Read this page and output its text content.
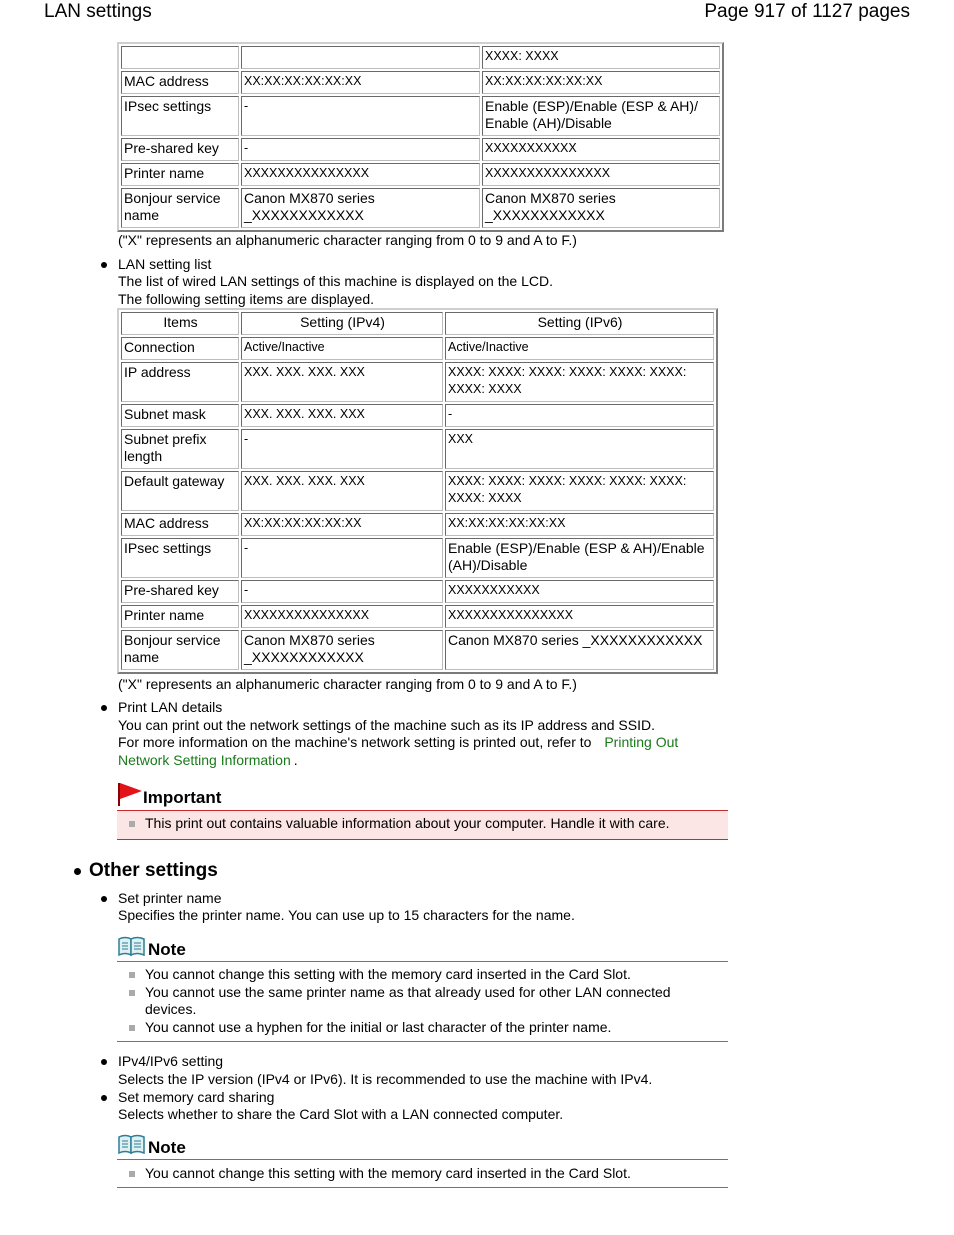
LAN settings	Page 917 of 1127 pages
		XXXX: XXXX
MAC address	XX:XX:XX:XX:XX:XX	XX:XX:XX:XX:XX:XX
IPsec settings	-	Enable (ESP)/Enable (ESP & AH)/ Enable (AH)/Disable
Pre-shared key	-	XXXXXXXXXXX
Printer name	XXXXXXXXXXXXXXX	XXXXXXXXXXXXXXX
Bonjour service name	Canon MX870 series _XXXXXXXXXXXX	Canon MX870 series _XXXXXXXXXXXX
("X" represents an alphanumeric character ranging from 0 to 9 and A to F.)
LAN setting list
The list of wired LAN settings of this machine is displayed on the LCD.
The following setting items are displayed.
Items	Setting (IPv4)	Setting (IPv6)
Connection	Active/Inactive	Active/Inactive
IP address	XXX. XXX. XXX. XXX	XXXX: XXXX: XXXX: XXXX: XXXX: XXXX: XXXX: XXXX
Subnet mask	XXX. XXX. XXX. XXX	-
Subnet prefix length	-	XXX
Default gateway	XXX. XXX. XXX. XXX	XXXX: XXXX: XXXX: XXXX: XXXX: XXXX: XXXX: XXXX
MAC address	XX:XX:XX:XX:XX:XX	XX:XX:XX:XX:XX:XX
IPsec settings	-	Enable (ESP)/Enable (ESP & AH)/Enable (AH)/Disable
Pre-shared key	-	XXXXXXXXXXX
Printer name	XXXXXXXXXXXXXXX	XXXXXXXXXXXXXXX
Bonjour service name	Canon MX870 series _XXXXXXXXXXXX	Canon MX870 series _XXXXXXXXXXXX
("X" represents an alphanumeric character ranging from 0 to 9 and A to F.)
Print LAN details
You can print out the network settings of the machine such as its IP address and SSID.
For more information on the machine's network setting is printed out, refer to Printing Out
Network Setting Information .
Important
This print out contains valuable information about your computer. Handle it with care.
Other settings
Set printer name
Specifies the printer name. You can use up to 15 characters for the name.
Note
You cannot change this setting with the memory card inserted in the Card Slot.
You cannot use the same printer name as that already used for other LAN connected
devices.
You cannot use a hyphen for the initial or last character of the printer name.
IPv4/IPv6 setting
Selects the IP version (IPv4 or IPv6). It is recommended to use the machine with IPv4.
Set memory card sharing
Selects whether to share the Card Slot with a LAN connected computer.
Note
You cannot change this setting with the memory card inserted in the Card Slot.
